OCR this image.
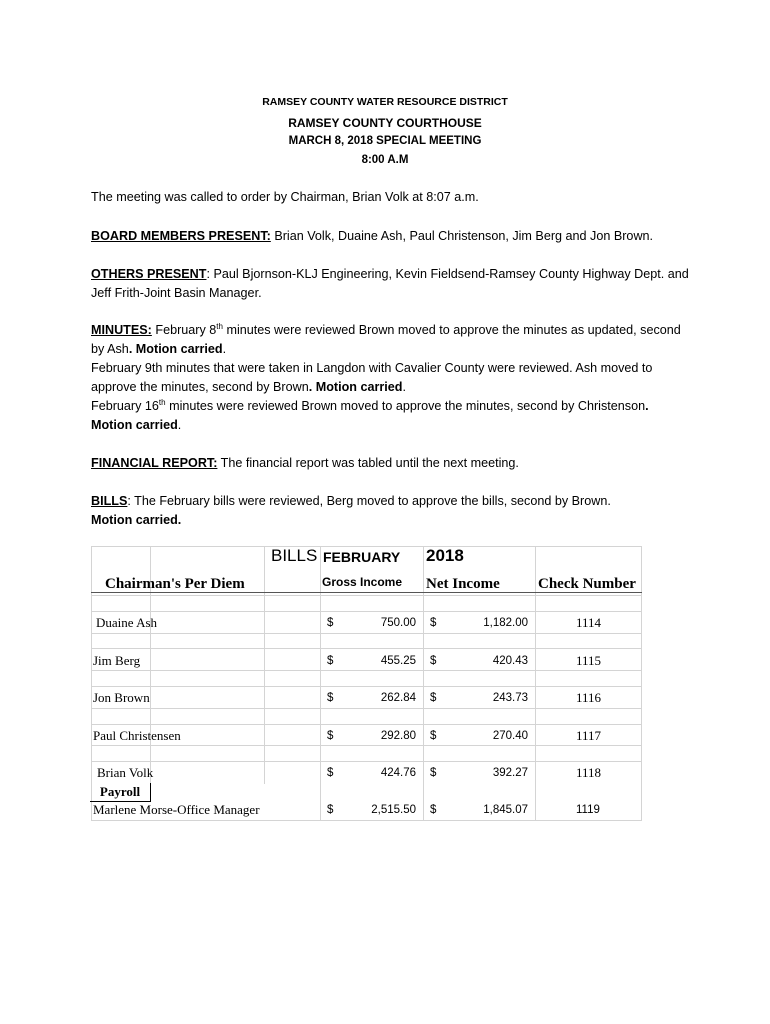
RAMSEY COUNTY WATER RESOURCE DISTRICT
RAMSEY COUNTY COURTHOUSE
MARCH 8, 2018 SPECIAL MEETING
8:00 A.M
The meeting was called to order by Chairman, Brian Volk at 8:07 a.m.
BOARD MEMBERS PRESENT: Brian Volk, Duaine Ash, Paul Christenson, Jim Berg and Jon Brown.
OTHERS PRESENT: Paul Bjornson-KLJ Engineering, Kevin Fieldsend-Ramsey County Highway Dept. and Jeff Frith-Joint Basin Manager.
MINUTES: February 8th minutes were reviewed Brown moved to approve the minutes as updated, second by Ash. Motion carried.
February 9th minutes that were taken in Langdon with Cavalier County were reviewed. Ash moved to approve the minutes, second by Brown. Motion carried.
February 16th minutes were reviewed Brown moved to approve the minutes, second by Christenson. Motion carried.
FINANCIAL REPORT: The financial report was tabled until the next meeting.
BILLS: The February bills were reviewed, Berg moved to approve the bills, second by Brown.
Motion carried.
BILLS FEBRUARY 2018
Chairman's Per Diem	Gross Income Net Income	Check Number
Duaine Ash	$	750.00 $	1,182.00	1114
Jim Berg	$	455.25 $	420.43	1115
Jon Brown	$	262.84 $	243.73	1116
Paul Christensen	$	292.80 $	270.40	1117
Brian Volk	$	424.76 $	392.27	1118
Payroll
Marlene Morse-Office Manager	$	2,515.50 $	1,845.07	1119
